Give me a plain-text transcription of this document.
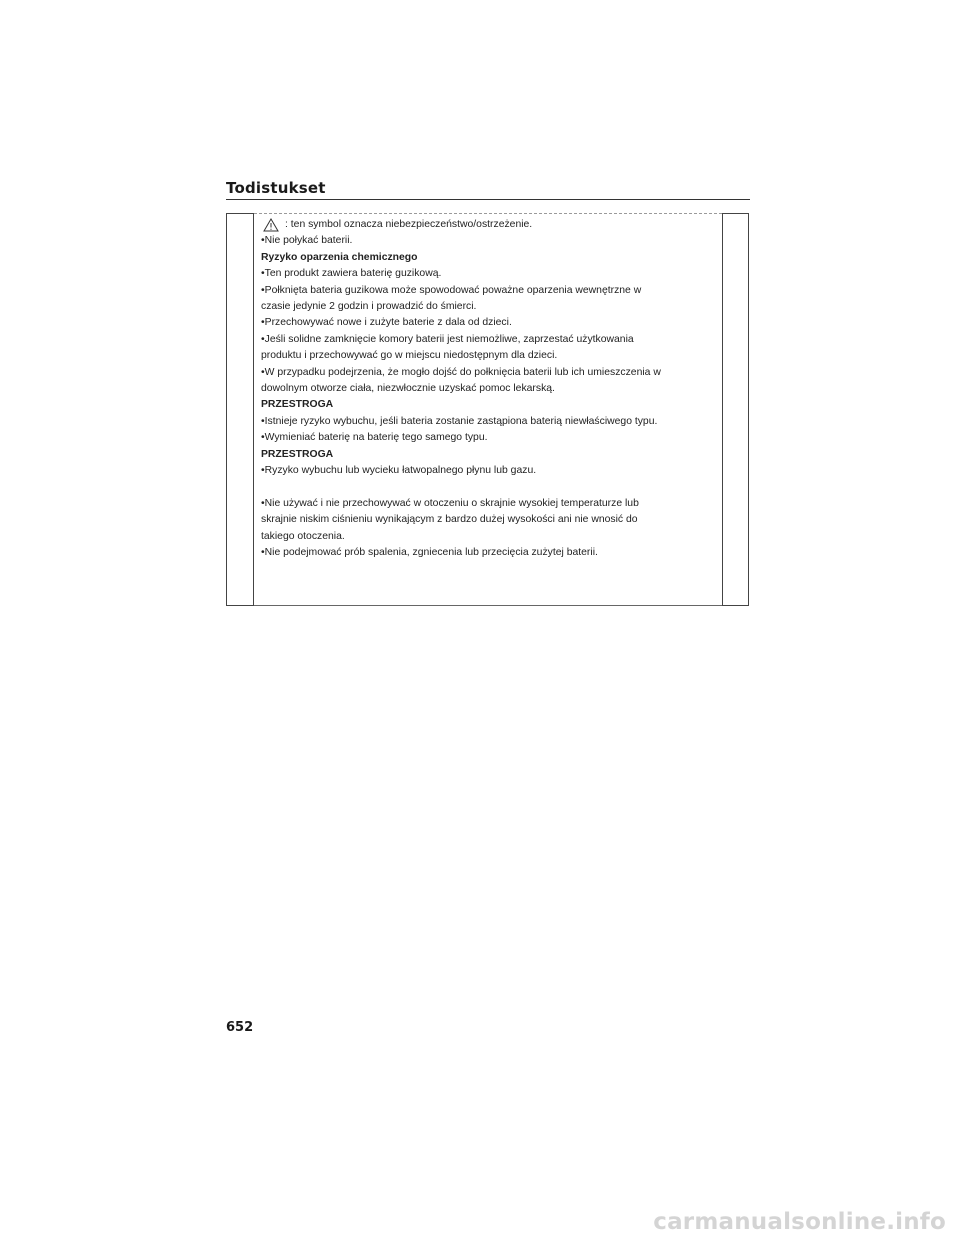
Todistukset
: ten symbol oznacza niebezpieczeństwo/ostrzeżenie.
•Nie połykać baterii.
Ryzyko oparzenia chemicznego
•Ten produkt zawiera baterię guzikową.
•Połknięta bateria guzikowa może spowodować poważne oparzenia wewnętrzne w
czasie jedynie 2 godzin i prowadzić do śmierci.
•Przechowywać nowe i zużyte baterie z dala od dzieci.
•Jeśli solidne zamknięcie komory baterii jest niemożliwe, zaprzestać użytkowania
produktu i przechowywać go w miejscu niedostępnym dla dzieci.
•W przypadku podejrzenia, że mogło dojść do połknięcia baterii lub ich umieszczenia w
dowolnym otworze ciała, niezwłocznie uzyskać pomoc lekarską.
PRZESTROGA
•Istnieje ryzyko wybuchu, jeśli bateria zostanie zastąpiona baterią niewłaściwego typu.
•Wymieniać baterię na baterię tego samego typu.
PRZESTROGA
•Ryzyko wybuchu lub wycieku łatwopalnego płynu lub gazu.
•Nie używać i nie przechowywać w otoczeniu o skrajnie wysokiej temperaturze lub
skrajnie niskim ciśnieniu wynikającym z bardzo dużej wysokości ani nie wnosić do
takiego otoczenia.
•Nie podejmować prób spalenia, zgniecenia lub przecięcia zużytej baterii.
652
carmanualsonline.info
